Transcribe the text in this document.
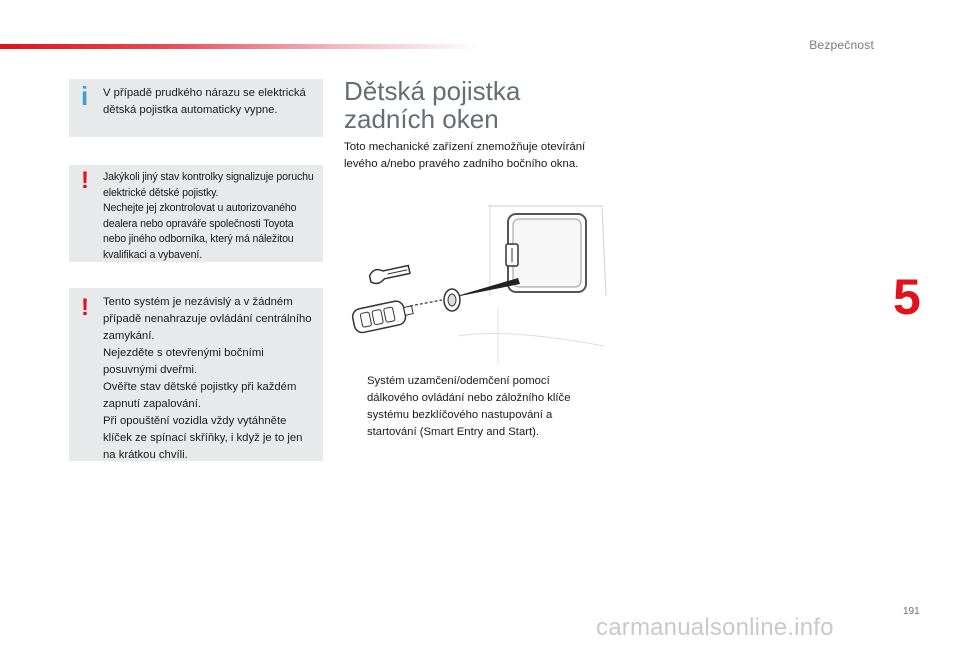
Bezpečnost
5
i V případě prudkého nárazu se elektrická dětská pojistka automaticky vypne.
! Jakýkoli jiný stav kontrolky signalizuje poruchu elektrické dětské pojistky.
Nechejte jej zkontrolovat u autorizovaného dealera nebo opraváře společnosti Toyota nebo jiného odborníka, který má náležitou kvalifikaci a vybavení.
! Tento systém je nezávislý a v žádném případě nenahrazuje ovládání centrálního zamykání.
Nejezděte s otevřenými bočními posuvnými dveřmi.
Ověřte stav dětské pojistky při každém zapnutí zapalování.
Při opouštění vozidla vždy vytáhněte klíček ze spínací skříňky, i když je to jen na krátkou chvíli.
Dětská pojistka
zadních oken
Toto mechanické zařízení znemožňuje otevírání levého a/nebo pravého zadního bočního okna.
Systém uzamčení/odemčení pomocí dálkového ovládání nebo záložního klíče systému bezklíčového nastupování a startování (Smart Entry and Start).
191
carmanualsonline.info
